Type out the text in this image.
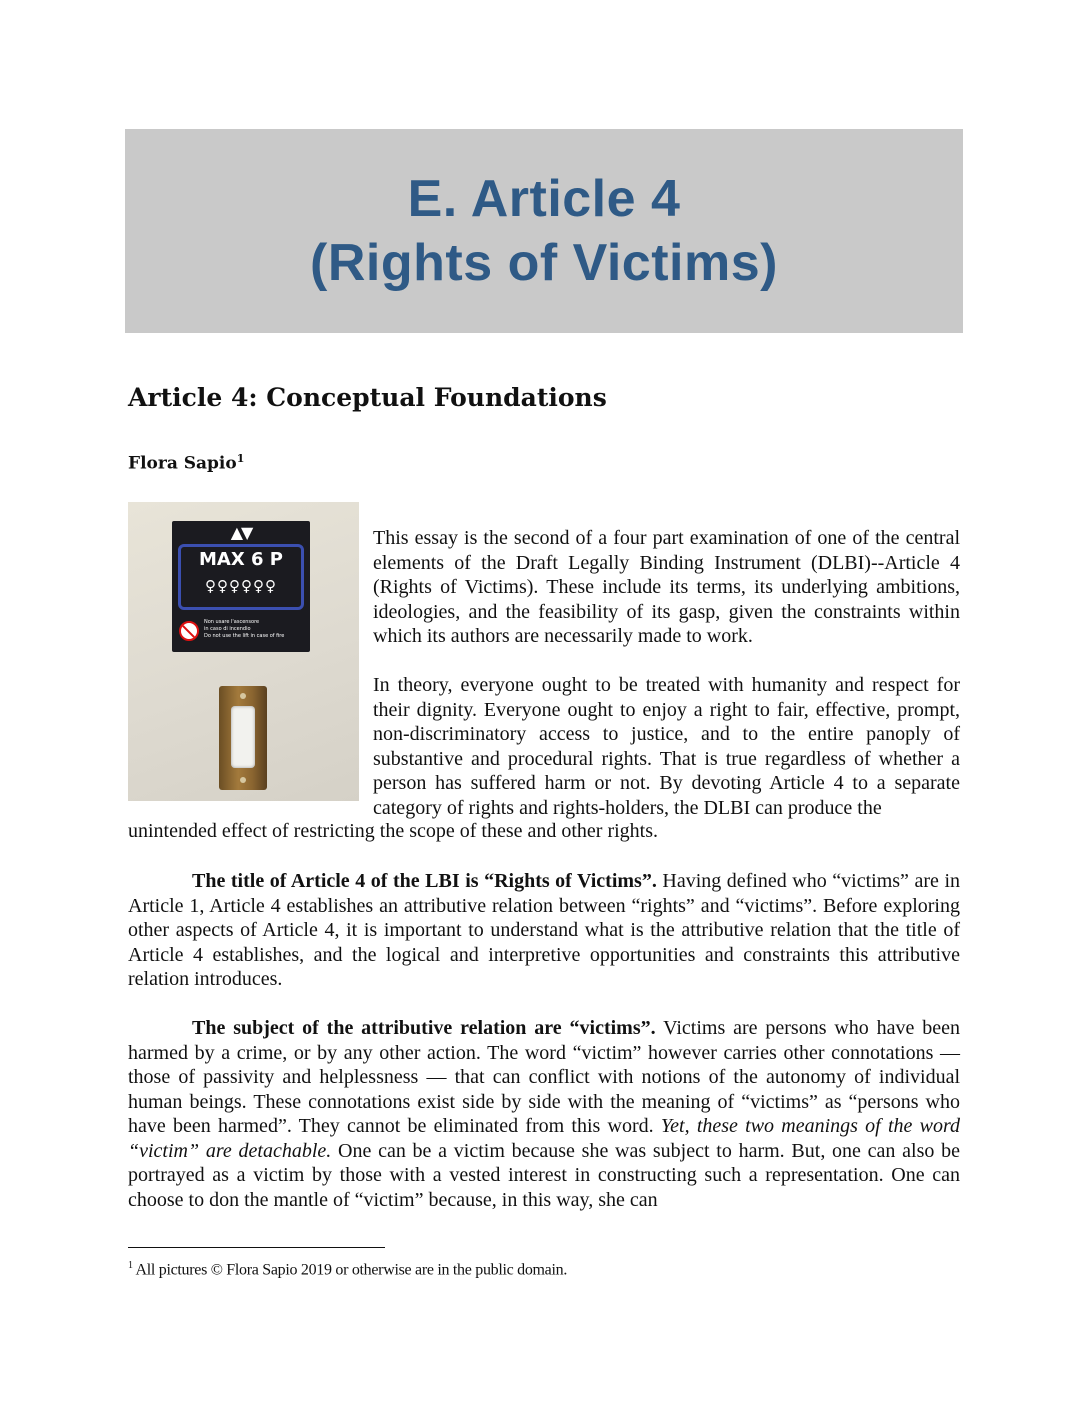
E. Article 4
(Rights of Victims)
Article 4: Conceptual Foundations
Flora Sapio$^1$
▲▼
MAX 6 P
♀♀♀♀♀♀
Non usare l'ascensore
in caso di incendio
Do not use the lift in case of fire

This essay is the second of a four part examination of one of the central elements of the Draft Legally Binding Instrument (DLBI)--Article 4 (Rights of Victims). These include its terms, its underlying ambitions, ideologies, and the feasibility of its gasp, given the constraints within which its authors are necessarily made to work.

In theory, everyone ought to be treated with humanity and respect for their dignity. Everyone ought to enjoy a right to fair, effective, prompt, non-discriminatory access to justice, and to the entire panoply of substantive and procedural rights. That is true regardless of whether a person has suffered harm or not. By devoting Article 4 to a separate category of rights and rights-holders, the DLBI can produce the

unintended effect of restricting the scope of these and other rights.

The title of Article 4 of the LBI is “Rights of Victims”. Having defined who “victims” are in Article 1, Article 4 establishes an attributive relation between “rights” and “victims”. Before exploring other aspects of Article 4, it is important to understand what is the attributive relation that the title of Article 4 establishes, and the logical and interpretive opportunities and constraints this attributive relation introduces.

The subject of the attributive relation are “victims”. Victims are persons who have been harmed by a crime, or by any other action. The word “victim” however carries other connotations — those of passivity and helplessness — that can conflict with notions of the autonomy of individual human beings. These connotations exist side by side with the meaning of “victims” as “persons who have been harmed”. They cannot be eliminated from this word. Yet, these two meanings of the word “victim” are detachable. One can be a victim because she was subject to harm. But, one can also be portrayed as a victim by those with a vested interest in constructing such a representation. One can choose to don the mantle of “victim” because, in this way, she can

$^1$ All pictures © Flora Sapio 2019 or otherwise are in the public domain.
